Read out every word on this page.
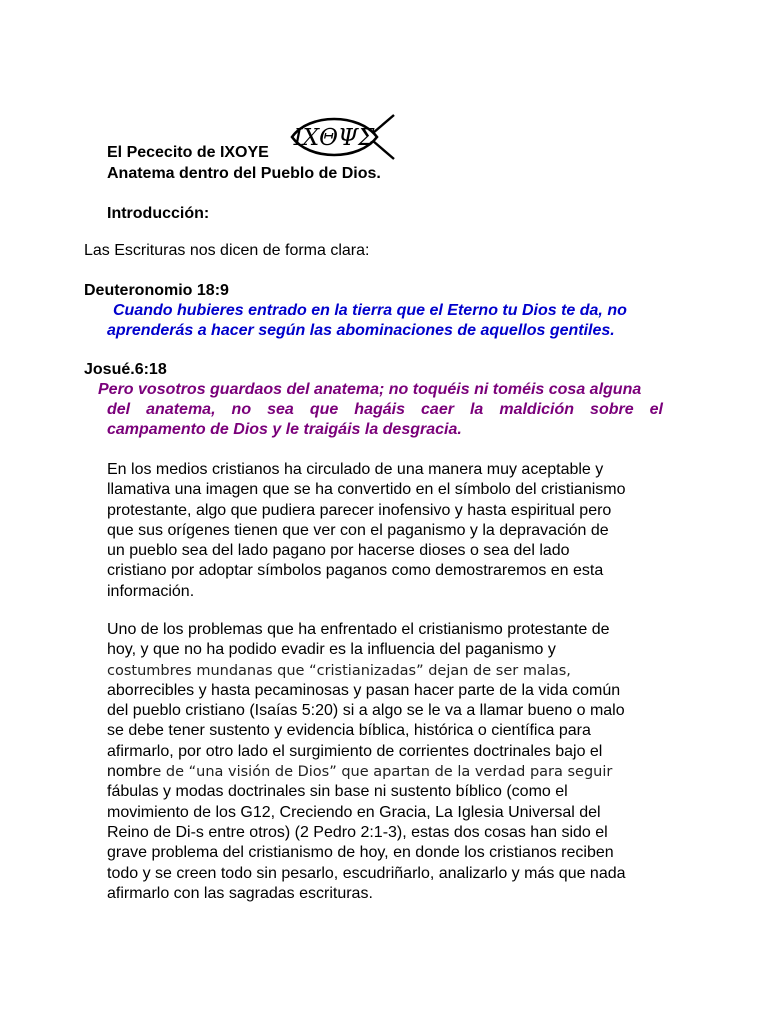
El Pececito de IXOYE
IXΘΨΣ
Anatema dentro del Pueblo de Dios.
Introducción:
Las Escrituras nos dicen de forma clara:
Deuteronomio 18:9
Cuando hubieres entrado en la tierra que el Eterno tu Dios te da, no
aprenderás a hacer según las abominaciones de aquellos gentiles.
Josué.6:18
Pero vosotros guardaos del anatema; no toquéis ni toméis cosa alguna
del anatema, no sea que hagáis caer la maldición sobre el
campamento de Dios y le traigáis la desgracia.
En los medios cristianos ha circulado de una manera muy aceptable y
llamativa una imagen que se ha convertido en el símbolo del cristianismo
protestante, algo que pudiera parecer inofensivo y hasta espiritual pero
que sus orígenes tienen que ver con el paganismo y la depravación de
un pueblo sea del lado pagano por hacerse dioses o sea del lado
cristiano por adoptar símbolos paganos como demostraremos en esta
información.
Uno de los problemas que ha enfrentado el cristianismo protestante de
hoy, y que no ha podido evadir es la influencia del paganismo y
costumbres mundanas que “cristianizadas” dejan de ser malas,
aborrecibles y hasta pecaminosas y pasan hacer parte de la vida común
del pueblo cristiano (Isaías 5:20) si a algo se le va a llamar bueno o malo
se debe tener sustento y evidencia bíblica, histórica o científica para
afirmarlo, por otro lado el surgimiento de corrientes doctrinales bajo el
nombre de “una visión de Dios” que apartan de la verdad para seguir
fábulas y modas doctrinales sin base ni sustento bíblico (como el
movimiento de los G12, Creciendo en Gracia, La Iglesia Universal del
Reino de Di-s entre otros) (2 Pedro 2:1-3), estas dos cosas han sido el
grave problema del cristianismo de hoy, en donde los cristianos reciben
todo y se creen todo sin pesarlo, escudriñarlo, analizarlo y más que nada
afirmarlo con las sagradas escrituras.
